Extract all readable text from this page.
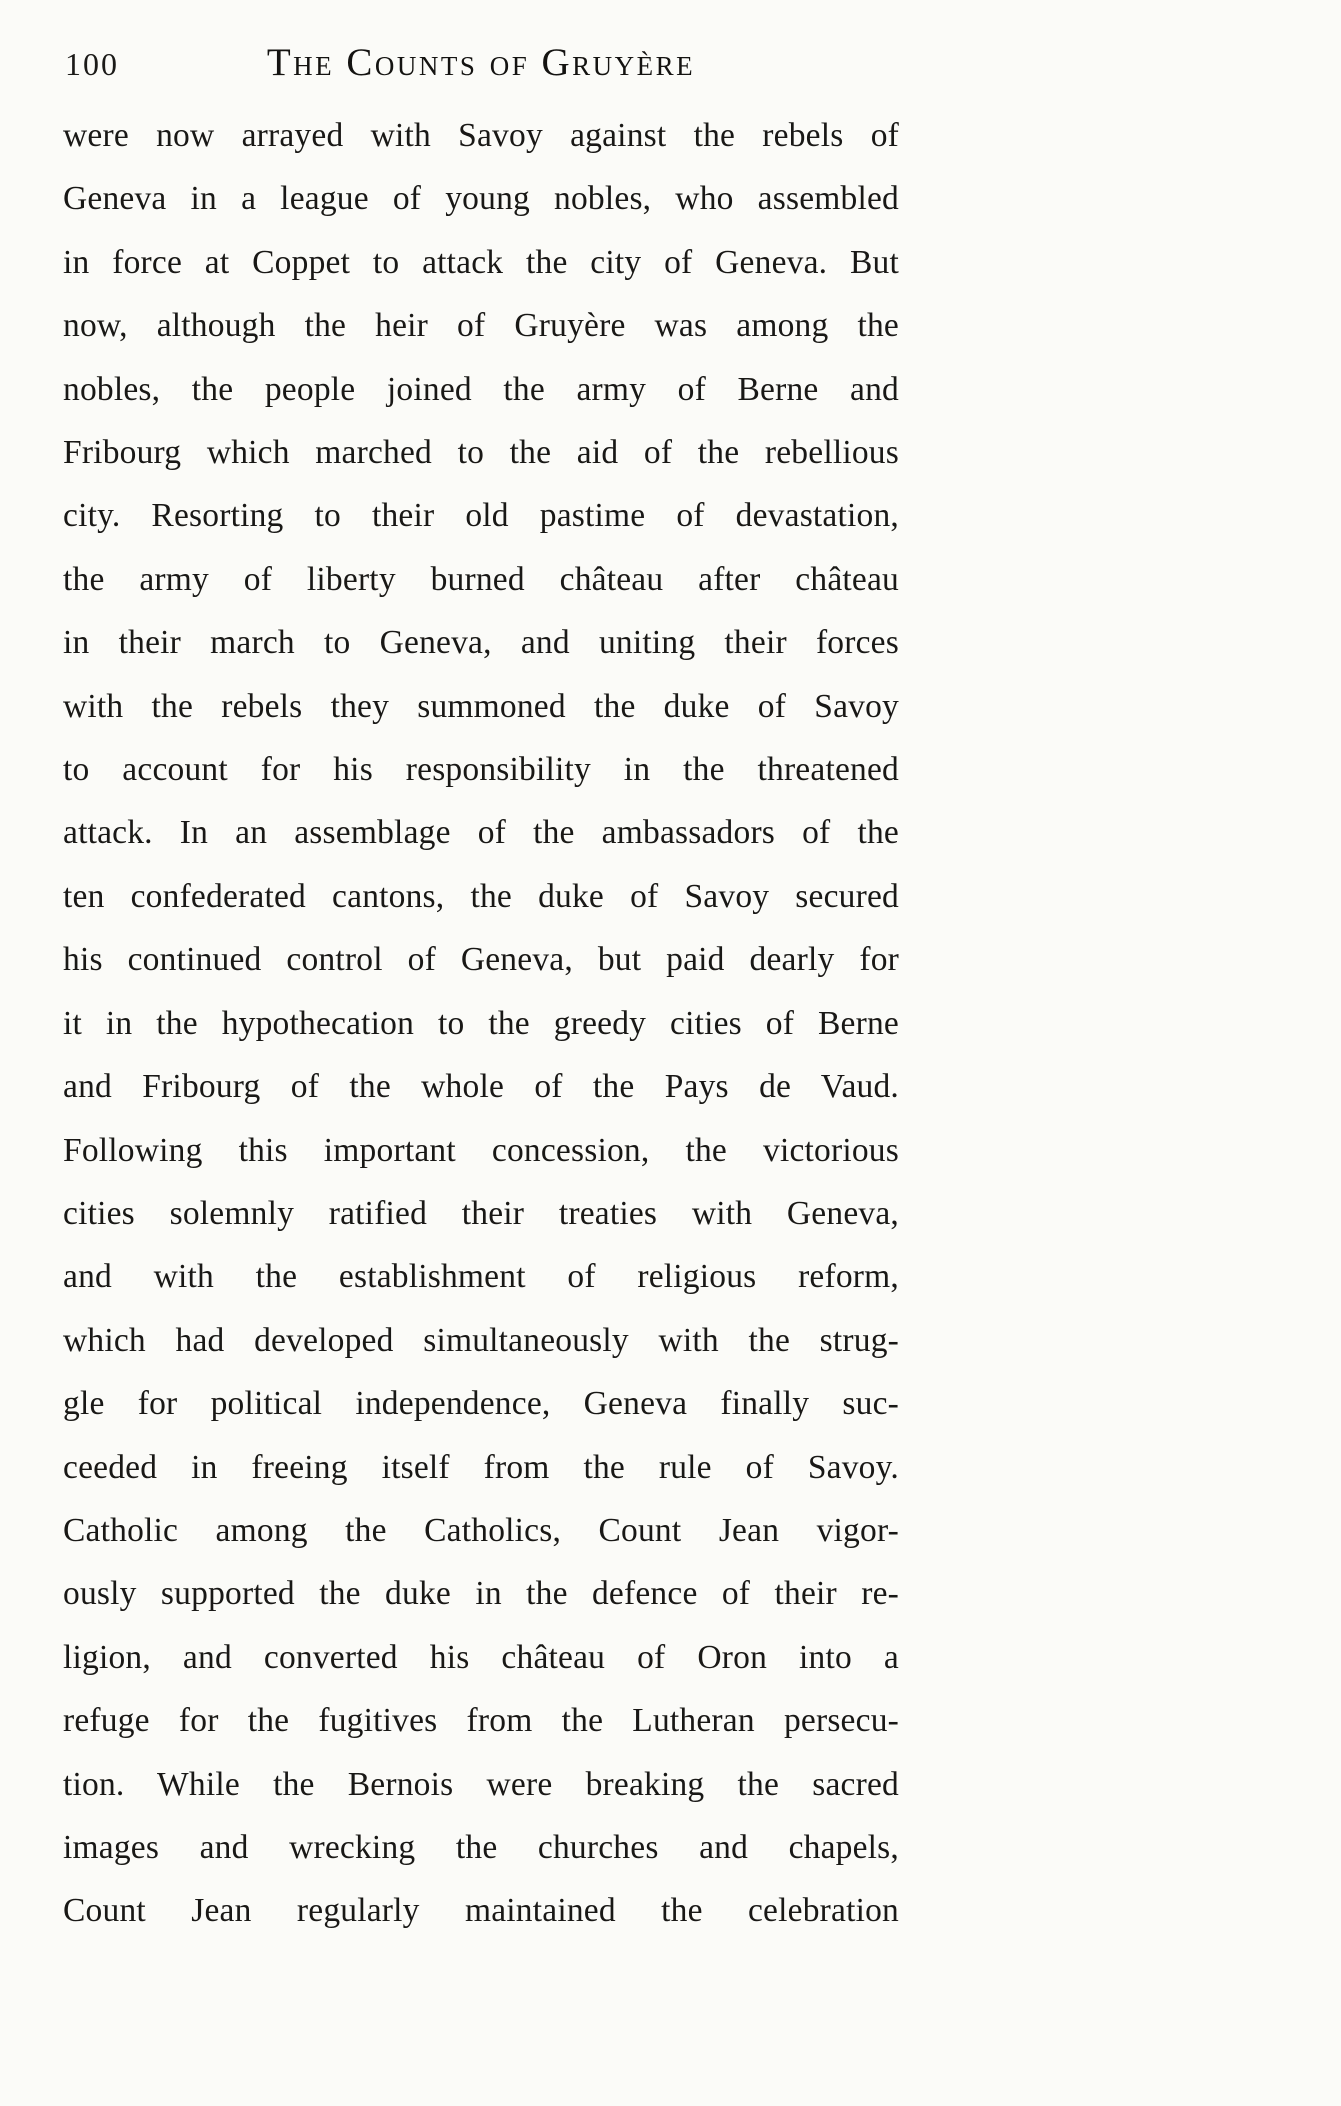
100	The Counts of Gruyère
were now arrayed with Savoy against the rebels of
Geneva in a league of young nobles, who assembled
in force at Coppet to attack the city of Geneva. But
now, although the heir of Gruyère was among the
nobles, the people joined the army of Berne and
Fribourg which marched to the aid of the rebellious
city. Resorting to their old pastime of devastation,
the army of liberty burned château after château
in their march to Geneva, and uniting their forces
with the rebels they summoned the duke of Savoy
to account for his responsibility in the threatened
attack. In an assemblage of the ambassadors of the
ten confederated cantons, the duke of Savoy secured
his continued control of Geneva, but paid dearly for
it in the hypothecation to the greedy cities of Berne
and Fribourg of the whole of the Pays de Vaud.
Following this important concession, the victorious
cities solemnly ratified their treaties with Geneva,
and with the establishment of religious reform,
which had developed simultaneously with the strug-
gle for political independence, Geneva finally suc-
ceeded in freeing itself from the rule of Savoy.
Catholic among the Catholics, Count Jean vigor-
ously supported the duke in the defence of their re-
ligion, and converted his château of Oron into a
refuge for the fugitives from the Lutheran persecu-
tion. While the Bernois were breaking the sacred
images and wrecking the churches and chapels,
Count Jean regularly maintained the celebration
